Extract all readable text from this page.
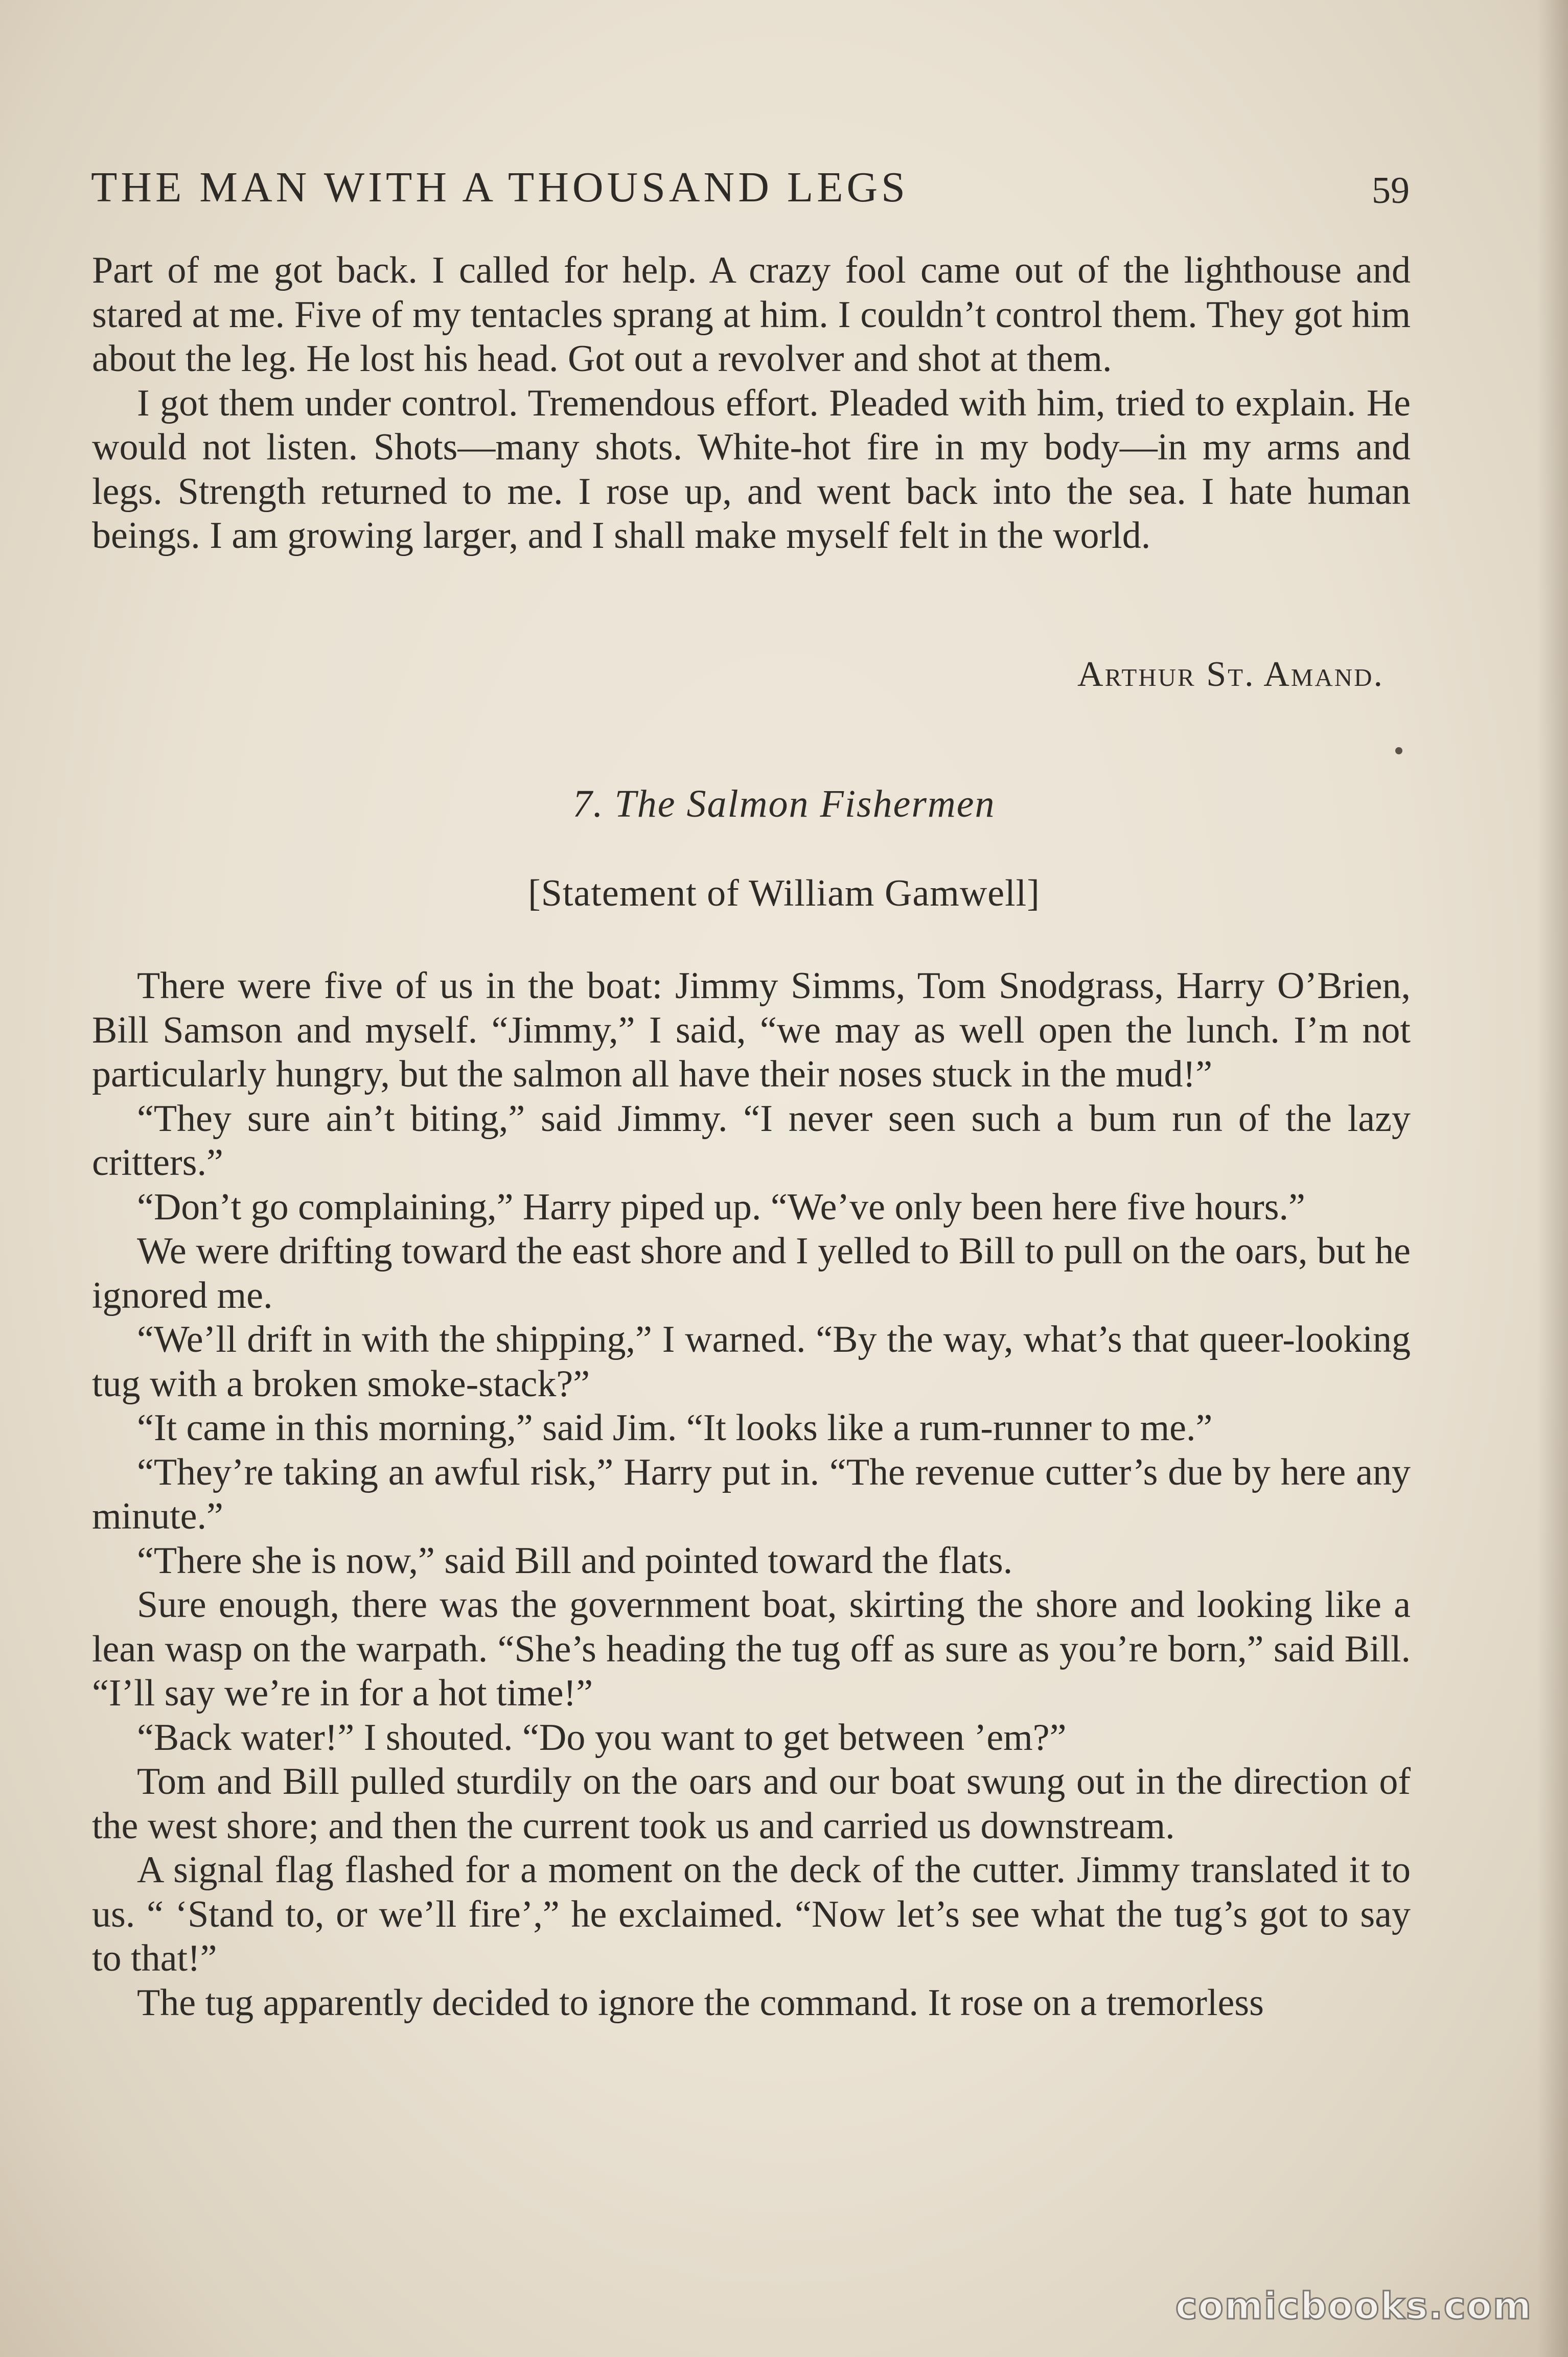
THE MAN WITH A THOUSAND LEGS	59

Part of me got back. I called for help. A crazy fool came out of the lighthouse and stared at me. Five of my tentacles sprang at him. I couldn’t control them. They got him about the leg. He lost his head. Got out a revolver and shot at them.

I got them under control. Tremendous effort. Pleaded with him, tried to explain. He would not listen. Shots—many shots. White-hot fire in my body—in my arms and legs. Strength returned to me. I rose up, and went back into the sea. I hate human beings. I am growing larger, and I shall make myself felt in the world.

Arthur St. Amand.
7. The Salmon Fishermen
[Statement of William Gamwell]

There were five of us in the boat: Jimmy Simms, Tom Snodgrass, Harry O’Brien, Bill Samson and myself. “Jimmy,” I said, “we may as well open the lunch. I’m not particularly hungry, but the salmon all have their noses stuck in the mud!”

“They sure ain’t biting,” said Jimmy. “I never seen such a bum run of the lazy critters.”

“Don’t go complaining,” Harry piped up. “We’ve only been here five hours.”

We were drifting toward the east shore and I yelled to Bill to pull on the oars, but he ignored me.

“We’ll drift in with the shipping,” I warned. “By the way, what’s that queer-looking tug with a broken smoke-stack?”

“It came in this morning,” said Jim. “It looks like a rum-runner to me.”

“They’re taking an awful risk,” Harry put in. “The revenue cutter’s due by here any minute.”

“There she is now,” said Bill and pointed toward the flats.

Sure enough, there was the government boat, skirting the shore and looking like a lean wasp on the warpath. “She’s heading the tug off as sure as you’re born,” said Bill. “I’ll say we’re in for a hot time!”

“Back water!” I shouted. “Do you want to get between ’em?”

Tom and Bill pulled sturdily on the oars and our boat swung out in the direction of the west shore; and then the current took us and carried us downstream.

A signal flag flashed for a moment on the deck of the cutter. Jimmy translated it to us. “ ‘Stand to, or we’ll fire’,” he exclaimed. “Now let’s see what the tug’s got to say to that!”

The tug apparently decided to ignore the command. It rose on a tremorless

comicbooks.com
